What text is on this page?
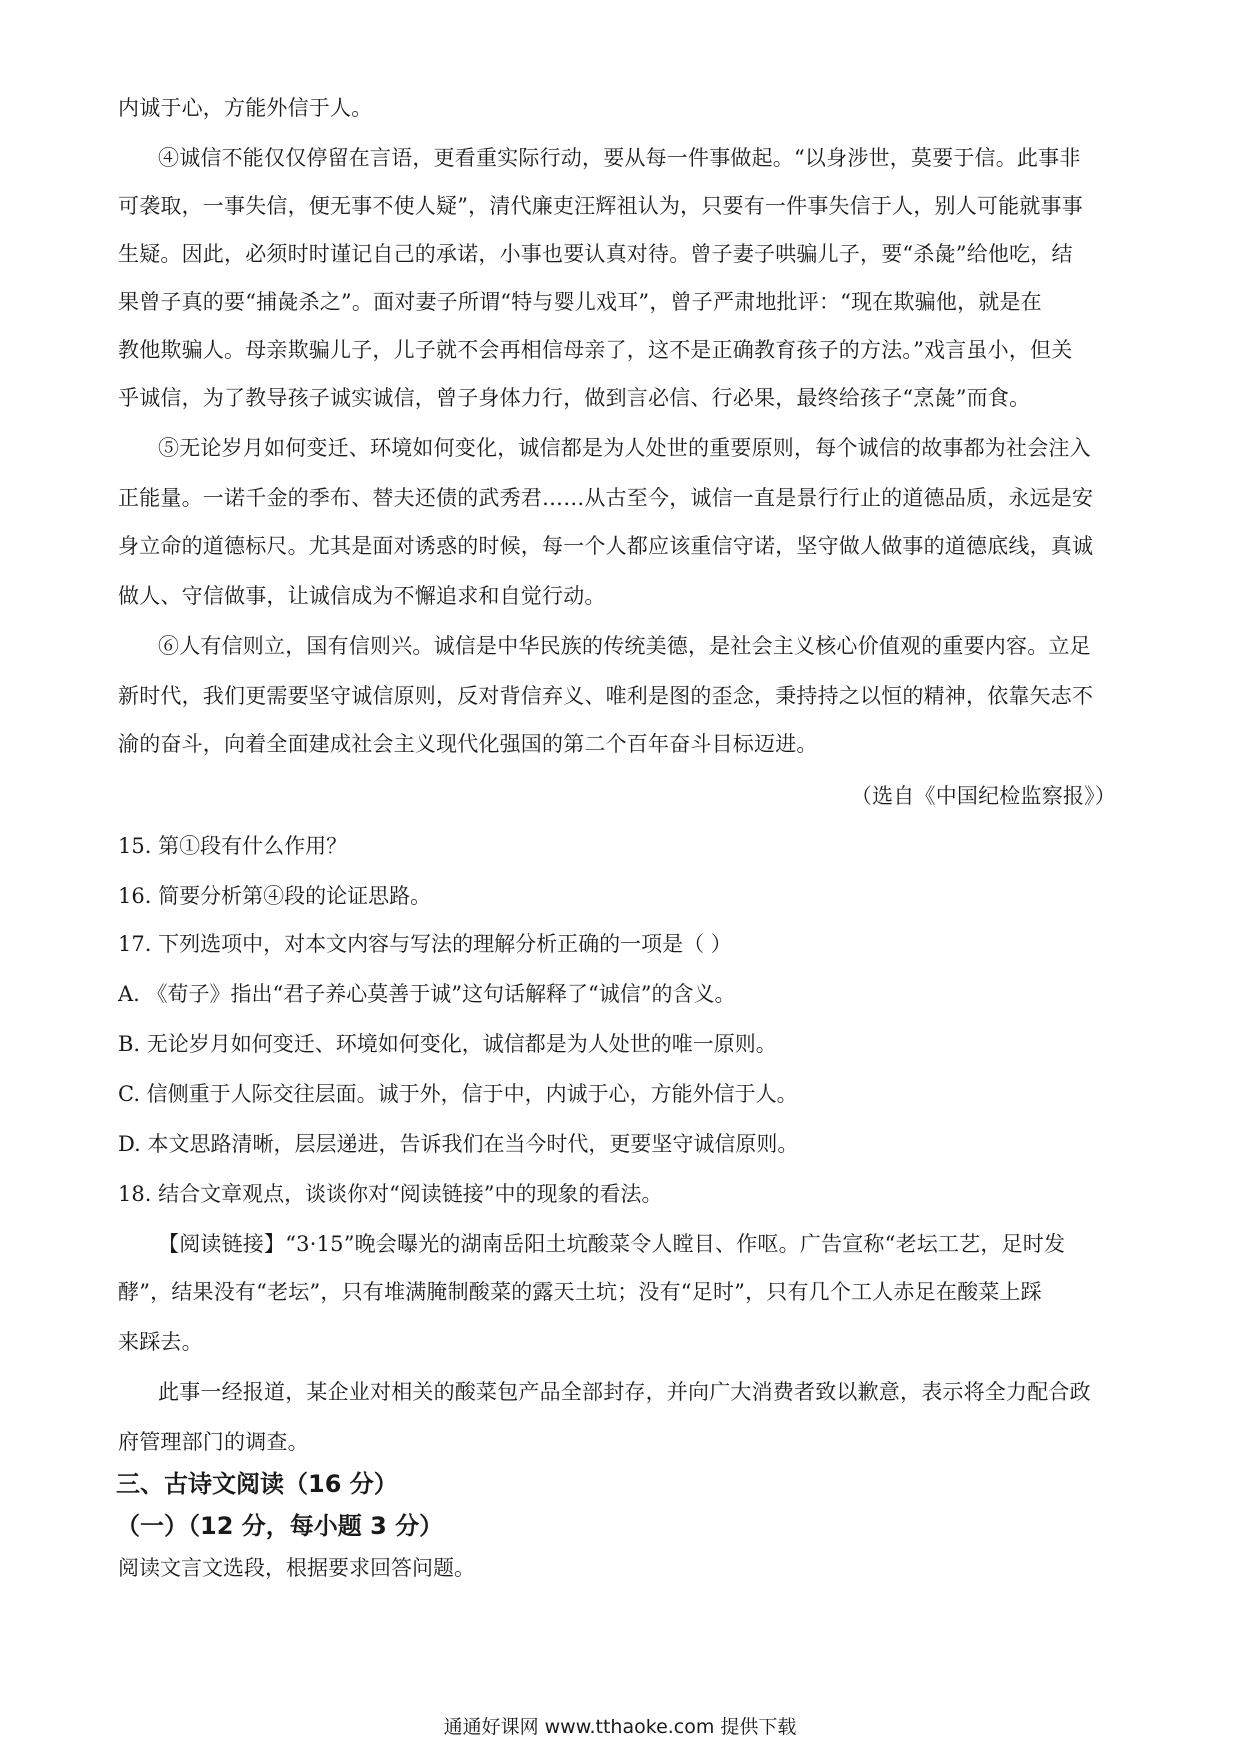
内诚于心，方能外信于人。
④诚信不能仅仅停留在言语，更看重实际行动，要从每一件事做起。“以身涉世，莫要于信。此事非
可袭取，一事失信，便无事不使人疑”，清代廉吏汪辉祖认为，只要有一件事失信于人，别人可能就事事
生疑。因此，必须时时谨记自己的承诺，小事也要认真对待。曾子妻子哄骗儿子，要“杀彘”给他吃，结
果曾子真的要“捕彘杀之”。面对妻子所谓“特与婴儿戏耳”，曾子严肃地批评：“现在欺骗他，就是在
教他欺骗人。母亲欺骗儿子，儿子就不会再相信母亲了，这不是正确教育孩子的方法。”戏言虽小，但关
乎诚信，为了教导孩子诚实诚信，曾子身体力行，做到言必信、行必果，最终给孩子“烹彘”而食。
⑤无论岁月如何变迁、环境如何变化，诚信都是为人处世的重要原则，每个诚信的故事都为社会注入
正能量。一诺千金的季布、替夫还债的武秀君……从古至今，诚信一直是景行行止的道德品质，永远是安
身立命的道德标尺。尤其是面对诱惑的时候，每一个人都应该重信守诺，坚守做人做事的道德底线，真诚
做人、守信做事，让诚信成为不懈追求和自觉行动。
⑥人有信则立，国有信则兴。诚信是中华民族的传统美德，是社会主义核心价值观的重要内容。立足
新时代，我们更需要坚守诚信原则，反对背信弃义、唯利是图的歪念，秉持持之以恒的精神，依靠矢志不
渝的奋斗，向着全面建成社会主义现代化强国的第二个百年奋斗目标迈进。
（选自《中国纪检监察报》）
15. 第①段有什么作用？
16. 简要分析第④段的论证思路。
17. 下列选项中，对本文内容与写法的理解分析正确的一项是（ ）
A. 《荀子》指出“君子养心莫善于诚”这句话解释了“诚信”的含义。
B. 无论岁月如何变迁、环境如何变化，诚信都是为人处世的唯一原则。
C. 信侧重于人际交往层面。诚于外，信于中，内诚于心，方能外信于人。
D. 本文思路清晰，层层递进，告诉我们在当今时代，更要坚守诚信原则。
18. 结合文章观点，谈谈你对“阅读链接”中的现象的看法。
【阅读链接】“3·15”晚会曝光的湖南岳阳土坑酸菜令人瞠目、作呕。广告宣称“老坛工艺，足时发
酵”，结果没有“老坛”，只有堆满腌制酸菜的露天土坑；没有“足时”，只有几个工人赤足在酸菜上踩
来踩去。
此事一经报道，某企业对相关的酸菜包产品全部封存，并向广大消费者致以歉意，表示将全力配合政
府管理部门的调查。
三、古诗文阅读（16 分）
（一）（12 分，每小题 3 分）
阅读文言文选段，根据要求回答问题。
通通好课网 www.tthaoke.com 提供下载
